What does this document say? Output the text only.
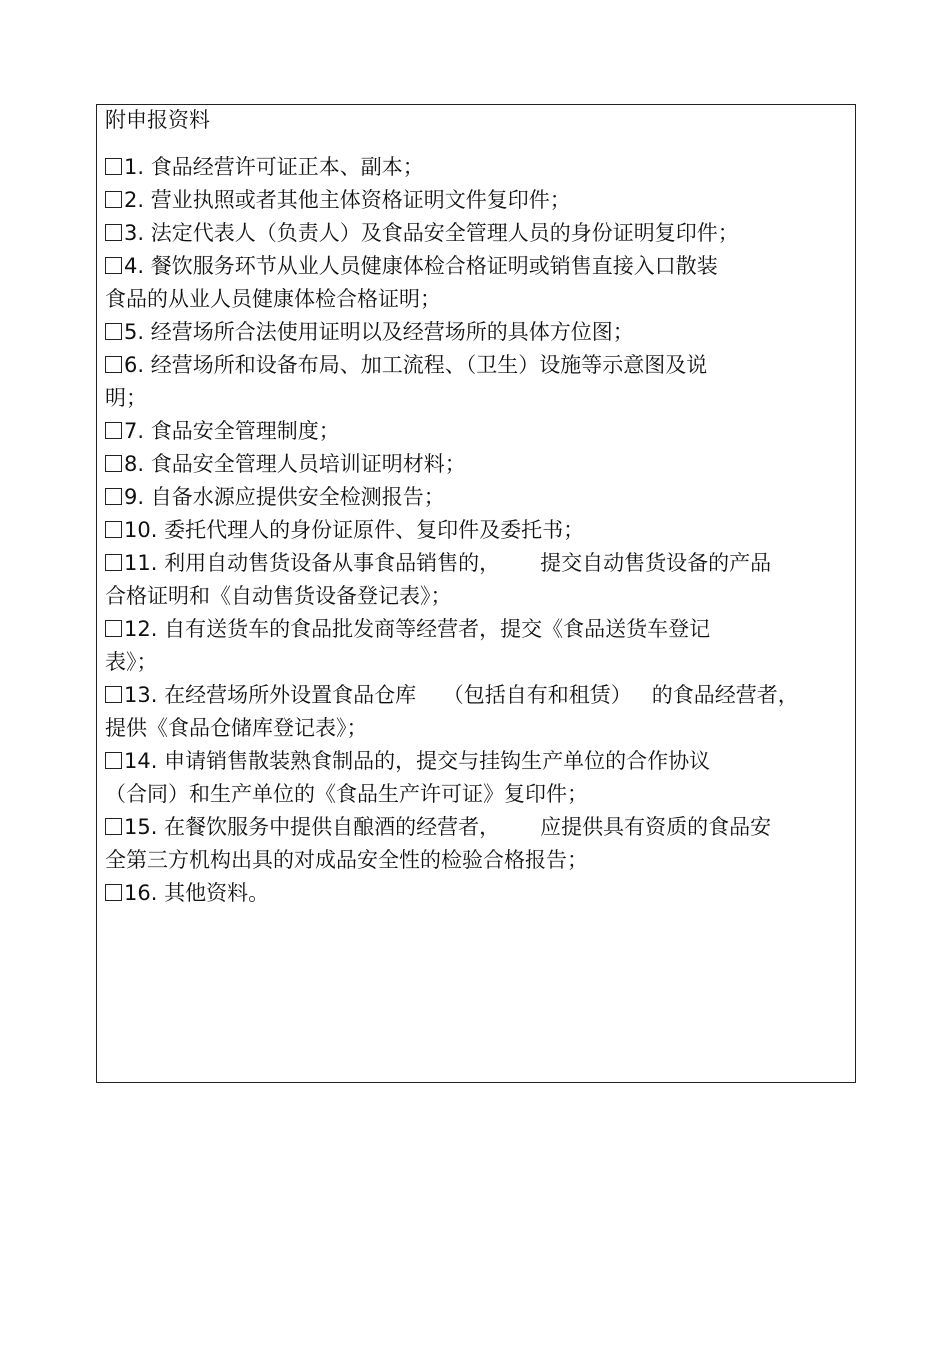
附申报资料
1. 食品经营许可证正本、副本；
2. 营业执照或者其他主体资格证明文件复印件；
3. 法定代表人（负责人）及食品安全管理人员的身份证明复印件；
4. 餐饮服务环节从业人员健康体检合格证明或销售直接入口散装
食品的从业人员健康体检合格证明；
5. 经营场所合法使用证明以及经营场所的具体方位图；
6. 经营场所和设备布局、加工流程、（卫生）设施等示意图及说
明；
7. 食品安全管理制度；
8. 食品安全管理人员培训证明材料；
9. 自备水源应提供安全检测报告；
10. 委托代理人的身份证原件、复印件及委托书；
11. 利用自动售货设备从事食品销售的，      提交自动售货设备的产品
合格证明和《自动售货设备登记表》；
12. 自有送货车的食品批发商等经营者，提交《食品送货车登记
表》；
13. 在经营场所外设置食品仓库    （包括自有和租赁）   的食品经营者，
提供《食品仓储库登记表》；
14. 申请销售散装熟食制品的，提交与挂钩生产单位的合作协议
（合同）和生产单位的《食品生产许可证》复印件；
15. 在餐饮服务中提供自酿酒的经营者，      应提供具有资质的食品安
全第三方机构出具的对成品安全性的检验合格报告；
16. 其他资料。
